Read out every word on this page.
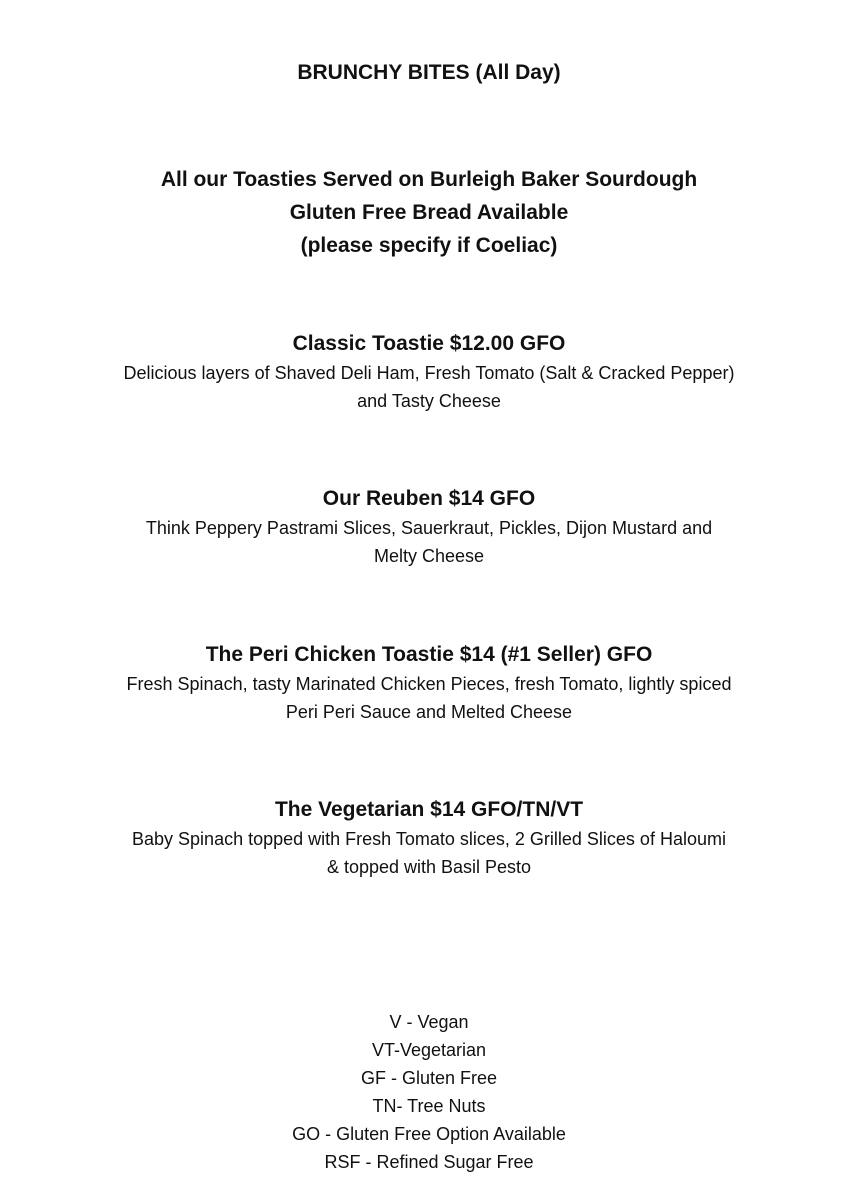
BRUNCHY BITES (All Day)
All our Toasties Served on Burleigh Baker Sourdough
Gluten Free Bread Available
(please specify if Coeliac)
Classic Toastie $12.00 GFO
Delicious layers of Shaved Deli Ham, Fresh Tomato (Salt & Cracked Pepper)
and Tasty Cheese
Our Reuben $14 GFO
Think Peppery Pastrami Slices, Sauerkraut, Pickles, Dijon Mustard and
Melty Cheese
The Peri Chicken Toastie $14 (#1 Seller) GFO
Fresh Spinach, tasty Marinated Chicken Pieces, fresh Tomato, lightly spiced
Peri Peri Sauce and Melted Cheese
The Vegetarian $14 GFO/TN/VT
Baby Spinach topped with Fresh Tomato slices, 2 Grilled Slices of Haloumi
& topped with Basil Pesto
V - Vegan
VT-Vegetarian
GF - Gluten Free
TN- Tree Nuts
GO - Gluten Free Option Available
RSF - Refined Sugar Free
